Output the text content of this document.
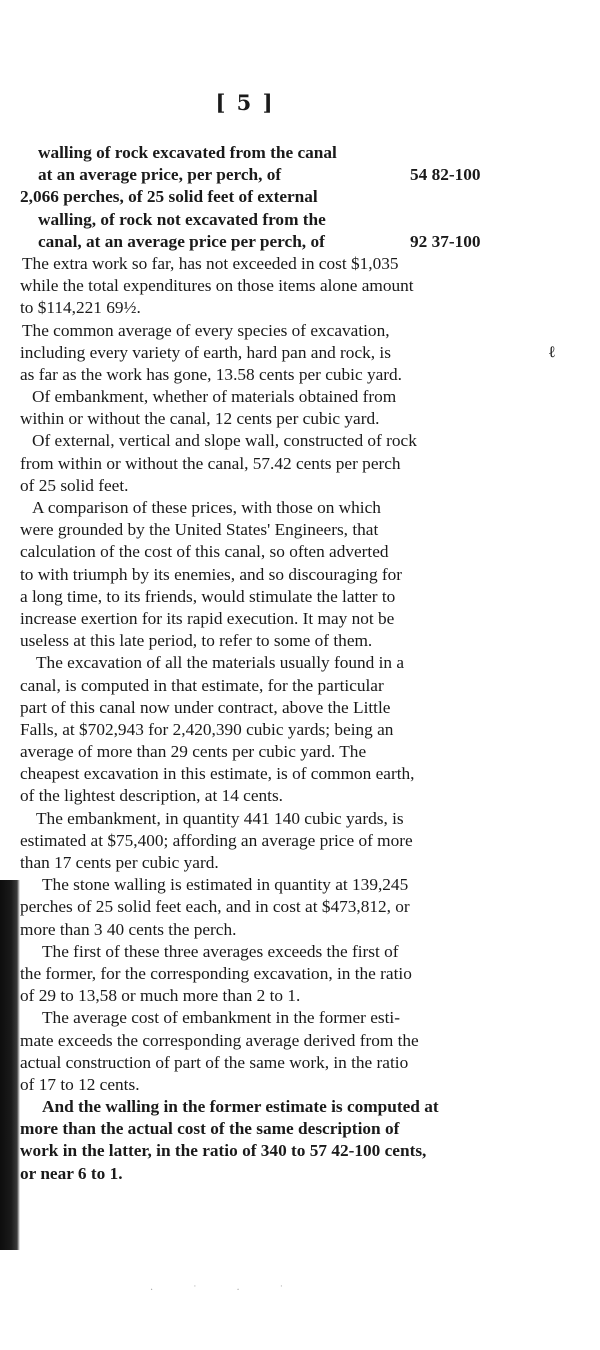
[ 5 ]
ℓ
walling of rock excavated from the canal
at an average price, per perch, of	54 82-100
2,066 perches, of 25 solid feet of external
walling, of rock not excavated from the
canal, at an average price per perch, of	92 37-100
The extra work so far, has not exceeded in cost $1,035
while the total expenditures on those items alone amount
to $114,221 69½.
The common average of every species of excavation,
including every variety of earth, hard pan and rock, is
as far as the work has gone, 13.58 cents per cubic yard.
Of embankment, whether of materials obtained from
within or without the canal, 12 cents per cubic yard.
Of external, vertical and slope wall, constructed of rock
from within or without the canal, 57.42 cents per perch
of 25 solid feet.
A comparison of these prices, with those on which
were grounded by the United States' Engineers, that
calculation of the cost of this canal, so often adverted
to with triumph by its enemies, and so discouraging for
a long time, to its friends, would stimulate the latter to
increase exertion for its rapid execution. It may not be
useless at this late period, to refer to some of them.
The excavation of all the materials usually found in a
canal, is computed in that estimate, for the particular
part of this canal now under contract, above the Little
Falls, at $702,943 for 2,420,390 cubic yards; being an
average of more than 29 cents per cubic yard. The
cheapest excavation in this estimate, is of common earth,
of the lightest description, at 14 cents.
The embankment, in quantity 441 140 cubic yards, is
estimated at $75,400; affording an average price of more
than 17 cents per cubic yard.
The stone walling is estimated in quantity at 139,245
perches of 25 solid feet each, and in cost at $473,812, or
more than 3 40 cents the perch.
The first of these three averages exceeds the first of
the former, for the corresponding excavation, in the ratio
of 29 to 13,58 or much more than 2 to 1.
The average cost of embankment in the former esti-
mate exceeds the corresponding average derived from the
actual construction of part of the same work, in the ratio
of 17 to 12 cents.
And the walling in the former estimate is computed at
more than the actual cost of the same description of
work in the latter, in the ratio of 340 to 57 42-100 cents,
or near 6 to 1.
· ˙ · ˙
